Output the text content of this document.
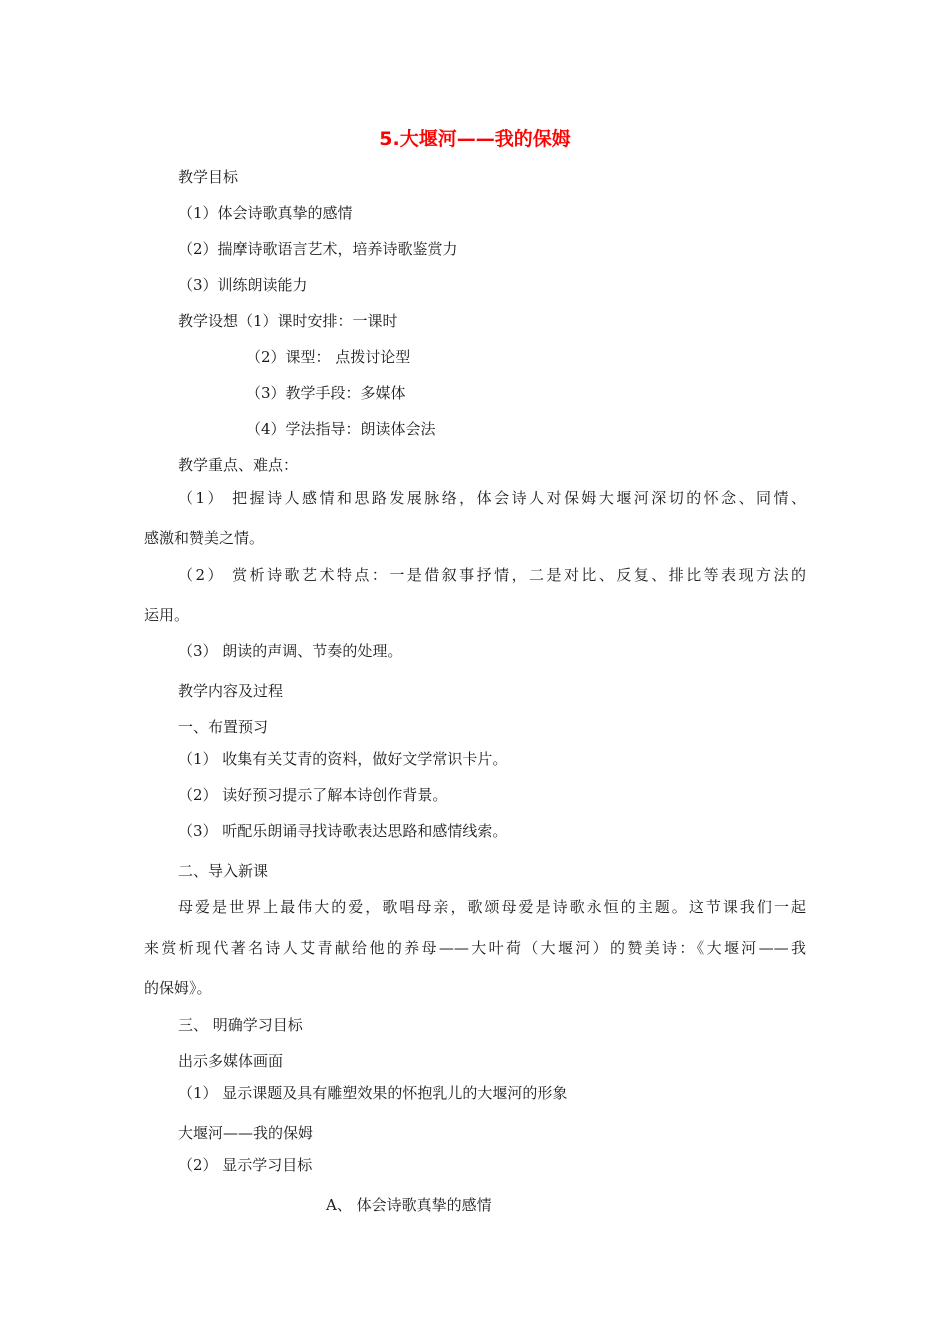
5.大堰河——我的保姆
教学目标
（1）体会诗歌真挚的感情
（2）揣摩诗歌语言艺术，培养诗歌鉴赏力
（3）训练朗读能力
教学设想（1）课时安排：一课时
（2）课型： 点拨讨论型
（3）教学手段：多媒体
（4）学法指导：朗读体会法
教学重点、难点：
（1） 把握诗人感情和思路发展脉络，体会诗人对保姆大堰河深切的怀念、同情、
感激和赞美之情。
（2） 赏析诗歌艺术特点：一是借叙事抒情，二是对比、反复、排比等表现方法的
运用。
（3） 朗读的声调、节奏的处理。
教学内容及过程
一、布置预习
（1） 收集有关艾青的资料，做好文学常识卡片。
（2） 读好预习提示了解本诗创作背景。
（3） 听配乐朗诵寻找诗歌表达思路和感情线索。
二、导入新课
母爱是世界上最伟大的爱，歌唱母亲，歌颂母爱是诗歌永恒的主题。这节课我们一起
来赏析现代著名诗人艾青献给他的养母——大叶荷（大堰河）的赞美诗：《大堰河——我
的保姆》。
三、 明确学习目标
出示多媒体画面
（1） 显示课题及具有雕塑效果的怀抱乳儿的大堰河的形象
大堰河——我的保姆
（2） 显示学习目标
A、 体会诗歌真挚的感情
